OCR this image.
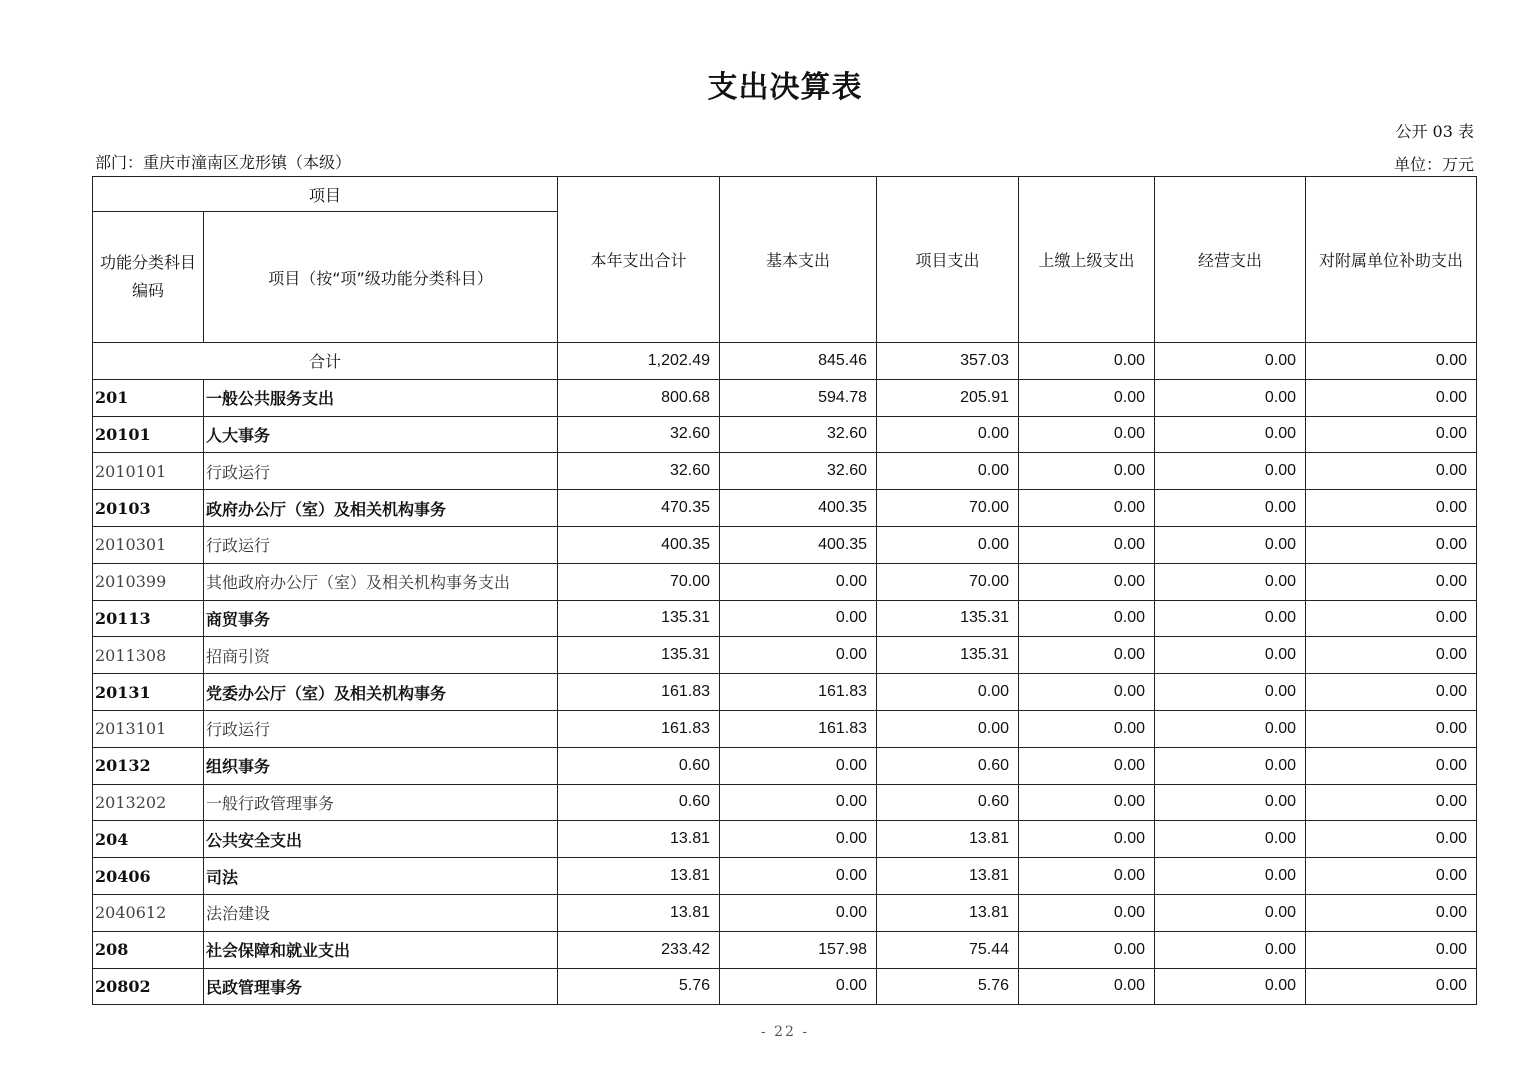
支出决算表
公开 03 表
部门：重庆市潼南区龙形镇（本级）	单位：万元
项目		本年支出合计	基本支出	项目支出	上缴上级支出	经营支出	对附属单位补助支出
功能分类科目编码	项目（按“项”级功能分类科目）						
合计		1,202.49	845.46	357.03	0.00	0.00	0.00
201	一般公共服务支出	800.68	594.78	205.91	0.00	0.00	0.00
20101	人大事务	32.60	32.60	0.00	0.00	0.00	0.00
2010101	行政运行	32.60	32.60	0.00	0.00	0.00	0.00
20103	政府办公厅（室）及相关机构事务	470.35	400.35	70.00	0.00	0.00	0.00
2010301	行政运行	400.35	400.35	0.00	0.00	0.00	0.00
2010399	其他政府办公厅（室）及相关机构事务支出	70.00	0.00	70.00	0.00	0.00	0.00
20113	商贸事务	135.31	0.00	135.31	0.00	0.00	0.00
2011308	招商引资	135.31	0.00	135.31	0.00	0.00	0.00
20131	党委办公厅（室）及相关机构事务	161.83	161.83	0.00	0.00	0.00	0.00
2013101	行政运行	161.83	161.83	0.00	0.00	0.00	0.00
20132	组织事务	0.60	0.00	0.60	0.00	0.00	0.00
2013202	一般行政管理事务	0.60	0.00	0.60	0.00	0.00	0.00
204	公共安全支出	13.81	0.00	13.81	0.00	0.00	0.00
20406	司法	13.81	0.00	13.81	0.00	0.00	0.00
2040612	法治建设	13.81	0.00	13.81	0.00	0.00	0.00
208	社会保障和就业支出	233.42	157.98	75.44	0.00	0.00	0.00
20802	民政管理事务	5.76	0.00	5.76	0.00	0.00	0.00
- 22 -
